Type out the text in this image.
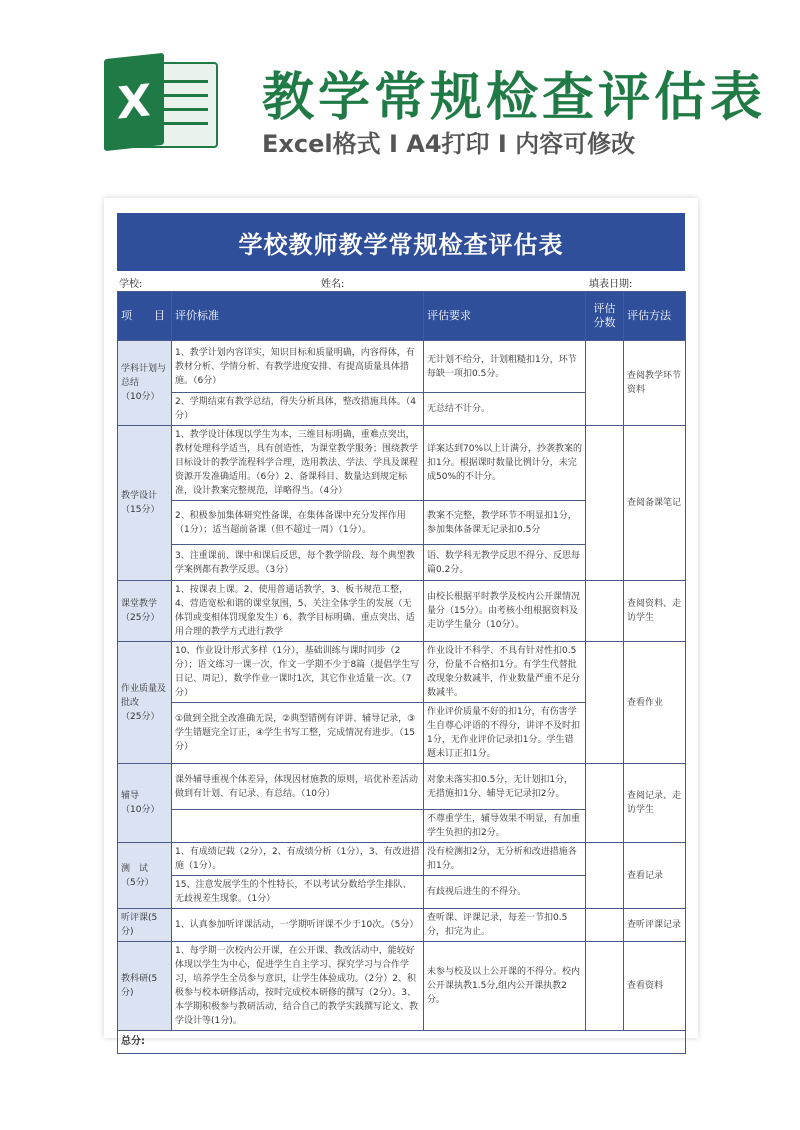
X 教学常规检查评估表
Excel格式 I A4打印 I 内容可修改
学校教师教学常规检查评估表
学校:	姓名:	填表日期:
项　　目	评价标准	评估要求	评估分数	评估方法
学科计划与总结
（10分）	1、教学计划内容详实，知识目标和质量明确，内容得体，有教材分析、学情分析、有教学进度安排、有提高质量具体措施。（6分）	无计划不给分，计划粗糙扣1分，环节每缺一项扣0.5分。		查阅教学环节资料
	2、学期结束有教学总结，得失分析具体，整改措施具体。（4分）	无总结不计分。		
教学设计
（15分）	1、教学设计体现以学生为本，三维目标明确，重难点突出，教材处理科学适当，具有创造性，为课堂教学服务；围绕教学目标设计的教学流程科学合理，选用教法、学法、学具及课程资源开发准确适用。（6分）2、备课科目、数量达到规定标准，设计教案完整规范，详略得当。（4分）	详案达到70%以上计满分，抄袭教案的扣1分。根据课时数量比例计分，未完成50%的不计分。		查阅备课笔记
	2、积极参加集体研究性备课，在集体备课中充分发挥作用（1分）；适当超前备课（但不超过一周）（1分）。	教案不完整，教学环节不明显扣1分，参加集体备课无记录扣0.5分		
	3、注重课前、课中和课后反思，每个教学阶段、每个典型教学案例都有教学反思。（3分）	语、数学科无教学反思不得分、反思每篇0.2分。		
课堂教学
（25分）	1、按课表上课。2、使用普通话教学，3、板书规范工整，4、营造宽松和谐的课堂氛围，5、关注全体学生的发展（无体罚或变相体罚现象发生）6、教学目标明确、重点突出、适用合理的教学方式进行教学	由校长根据平时教学及校内公开课情况量分（15分）。由考核小组根据资料及走访学生量分（10分）。		查阅资料、走访学生
作业质量及批改
（25分）	10、作业设计形式多样（1分），基础训练与课时同步（2分）；语文练习一课一次，作文一学期不少于8篇（提倡学生写日记、周记），数学作业一课时1次，其它作业适量一次。（7分）	作业设计不科学、不具有针对性扣0.5分，份量不合格扣1分。有学生代替批改现象分数减半，作业数量严重不足分数减半。		查看作业
	①做到全批全改准确无误，②典型错例有评讲、辅导记录，③学生错题完全订正，④学生书写工整，完成情况有进步。（15分）	作业评价质量不好的扣1分，有伤害学生自尊心评语的不得分，讲评不及时扣1分，无作业评价记录扣1分。学生错题未订正扣1分。		
辅导
（10分）	课外辅导重视个体差异，体现因材施教的原则，培优补差活动做到有计划、有记录、有总结。（10分）	对象未落实扣0.5分，无计划扣1分，无措施扣1分、辅导无记录扣2分。		查阅记录、走访学生
		不尊重学生，辅导效果不明显，有加重学生负担的扣2分。		
测　试
（5分）	1、有成绩记载（2分），2、有成绩分析（1分），3、有改进措施（1分）。	没有检测扣2分，无分析和改进措施各扣1分。		查看记录
	15、注意发展学生的个性特长，不以考试分数给学生排队、无歧视差生现象。（1分）	有歧视后进生的不得分。		
听评课(5分)	1、认真参加听评课活动，一学期听评课不少于10次。（5分）	查听课、评课记录，每差一节扣0.5分，扣完为止。		查听评课记录
教科研(5分)	1、每学期一次校内公开课，在公开课、教改活动中，能较好体现以学生为中心，促进学生自主学习、探究学习与合作学习，培养学生全员参与意识，让学生体验成功。（2分）2、积极参与校本研修活动，按时完成校本研修的撰写（2分）。3、本学期积极参与教研活动，结合自己的教学实践撰写论文、教学设计等(1分)。	未参与校及以上公开课的不得分。校内公开课执教1.5分,组内公开课执教2分。		查看资料
总分:				
